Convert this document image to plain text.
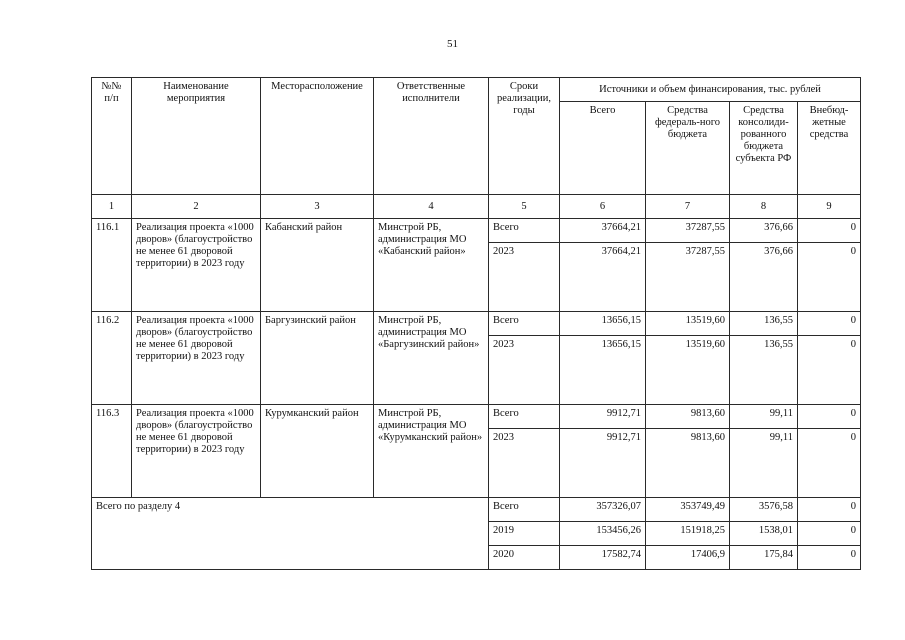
51
№№ п/п	Наименование мероприятия	Месторасположение	Ответственные исполнители	Сроки реализации, годы	Источники и объем финансирования, тыс. рублей			
					Всего	Средства федераль-ного бюджета	Средства консолиди-рованного бюджета субъекта РФ	Внебюд-жетные средства
1	2	3	4	5	6	7	8	9
116.1	Реализация проекта «1000 дворов» (благоустройство не менее 61 дворовой территории) в 2023 году	Кабанский район	Минстрой РБ, администрация МО «Кабанский район»	Всего	37664,21	37287,55	376,66	0
				2023	37664,21	37287,55	376,66	0
116.2	Реализация проекта «1000 дворов» (благоустройство не менее 61 дворовой территории) в 2023 году	Баргузинский район	Минстрой РБ, администрация МО «Баргузинский район»	Всего	13656,15	13519,60	136,55	0
				2023	13656,15	13519,60	136,55	0
116.3	Реализация проекта «1000 дворов» (благоустройство не менее 61 дворовой территории) в 2023 году	Курумканский район	Минстрой РБ, администрация МО «Курумканский район»	Всего	9912,71	9813,60	99,11	0
				2023	9912,71	9813,60	99,11	0
Всего по разделу 4				Всего	357326,07	353749,49	3576,58	0
				2019	153456,26	151918,25	1538,01	0
				2020	17582,74	17406,9	175,84	0
